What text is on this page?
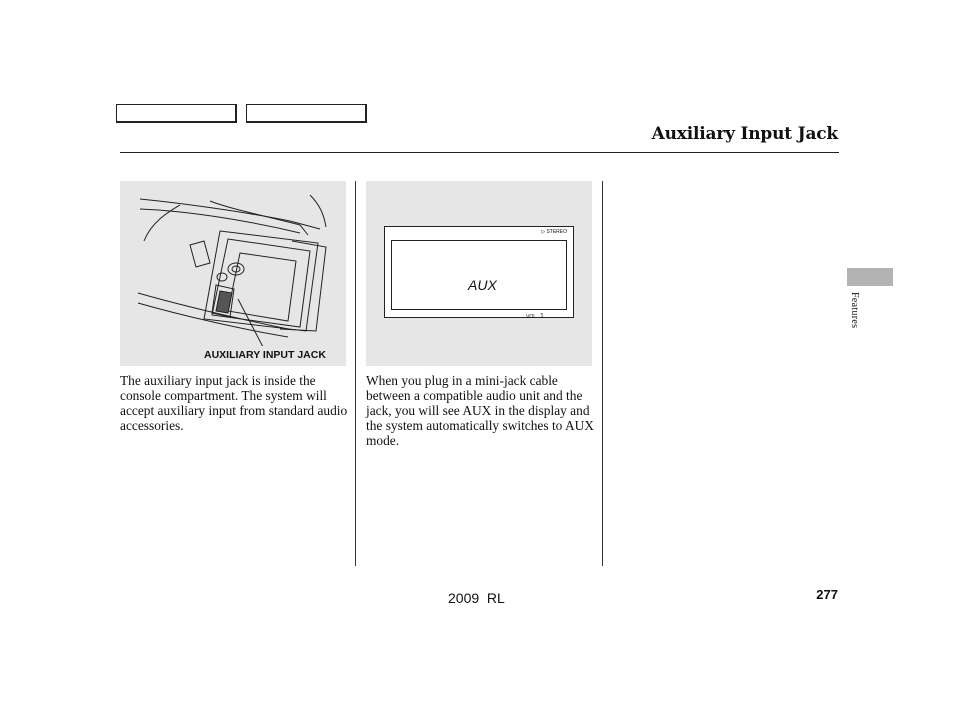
Auxiliary Input Jack
AUXILIARY INPUT JACK
▷ STEREO
AUX
VOL 1
The auxiliary input jack is inside the console compartment. The system will accept auxiliary input from standard audio accessories.
When you plug in a mini-jack cable between a compatible audio unit and the jack, you will see AUX in the display and the system automatically switches to AUX mode.
Features
2009  RL	277
